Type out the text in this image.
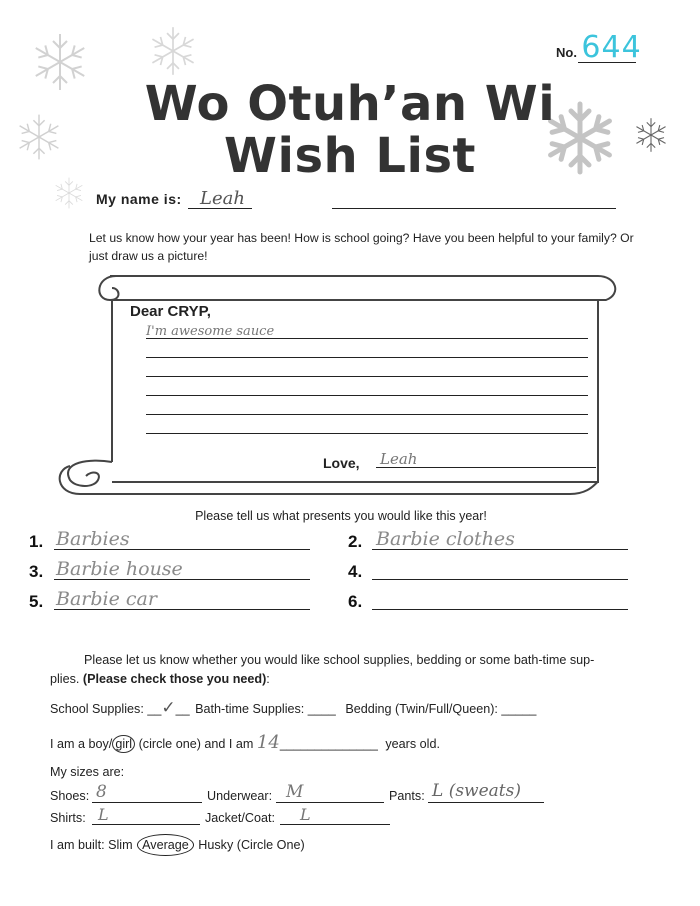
No. 644
Wo Otuh’an Wi
Wish List
My name is: Leah
Let us know how your year has been! How is school going? Have you been helpful to your family? Or just draw us a picture!
Dear CRYP,
I'm awesome sauce
Love, Leah
Please tell us what presents you would like this year!
1. Barbies	2. Barbie clothes
3. Barbie house	4.
5. Barbie car	6.
Please let us know whether you would like school supplies, bedding or some bath-time sup-
plies. (Please check those you need):
School Supplies: __✓__ Bath-time Supplies: ____ Bedding (Twin/Full/Queen): _____
I am a boy/ girl (circle one) and I am 14______________ years old.
My sizes are:
Shoes: 8	Underwear: M	Pants: L (sweats)
Shirts: L	Jacket/Coat: L
I am built: Slim Average Husky (Circle One)
